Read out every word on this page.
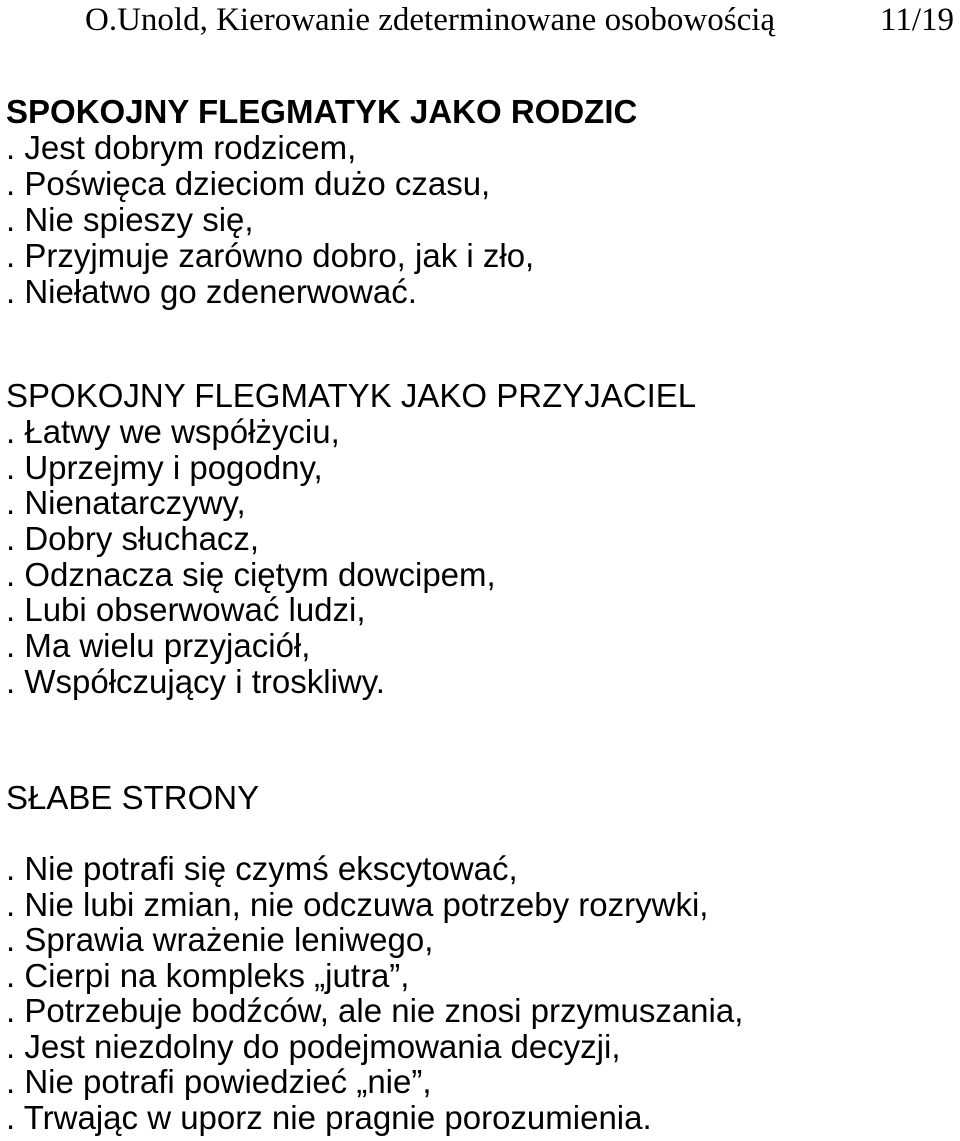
O.Unold, Kierowanie zdeterminowane osobowością	11/19
SPOKOJNY FLEGMATYK JAKO RODZIC
. Jest dobrym rodzicem,
. Poświęca dzieciom dużo czasu,
. Nie spieszy się,
. Przyjmuje zarówno dobro, jak i zło,
. Niełatwo go zdenerwować.
SPOKOJNY FLEGMATYK JAKO PRZYJACIEL
. Łatwy we współżyciu,
. Uprzejmy i pogodny,
. Nienatarczywy,
. Dobry słuchacz,
. Odznacza się ciętym dowcipem,
. Lubi obserwować ludzi,
. Ma wielu przyjaciół,
. Współczujący i troskliwy.
SŁABE STRONY
. Nie potrafi się czymś ekscytować,
. Nie lubi zmian, nie odczuwa potrzeby rozrywki,
. Sprawia wrażenie leniwego,
. Cierpi na kompleks „jutra”,
. Potrzebuje bodźców, ale nie znosi przymuszania,
. Jest niezdolny do podejmowania decyzji,
. Nie potrafi powiedzieć „nie”,
. Trwając w uporz nie pragnie porozumienia.
